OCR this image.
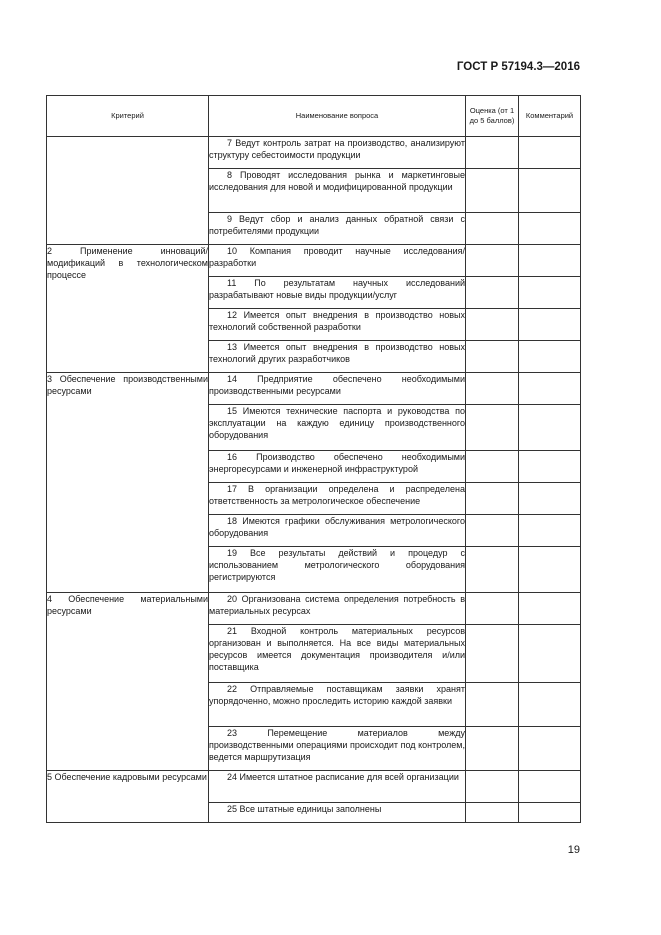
ГОСТ Р 57194.3—2016
Критерий	Наименование вопроса	Оценка (от 1 до 5 баллов)	Комментарий
	7 Ведут контроль затрат на производство, анализируют структуру себестоимости продукции		
	8 Проводят исследования рынка и маркетинговые исследования для новой и модифицированной продукции		
	9 Ведут сбор и анализ данных обратной связи с потребителями продукции		
2 Применение инноваций/модификаций в технологическом процессе	10 Компания проводит научные исследования/разработки		
	11 По результатам научных исследований разрабатывают новые виды продукции/услуг		
	12 Имеется опыт внедрения в производство новых технологий собственной разработки		
	13 Имеется опыт внедрения в производство новых технологий других разработчиков		
3 Обеспечение производственными ресурсами	14 Предприятие обеспечено необходимыми производственными ресурсами		
	15 Имеются технические паспорта и руководства по эксплуатации на каждую единицу производственного оборудования		
	16 Производство обеспечено необходимыми энергоресурсами и инженерной инфраструктурой		
	17 В организации определена и распределена ответственность за метрологическое обеспечение		
	18 Имеются графики обслуживания метрологического оборудования		
	19 Все результаты действий и процедур с использованием метрологического оборудования регистрируются		
4 Обеспечение материальными ресурсами	20 Организована система определения потребность в материальных ресурсах		
	21 Входной контроль материальных ресурсов организован и выполняется. На все виды материальных ресурсов имеется документация производителя и/или поставщика		
	22 Отправляемые поставщикам заявки хранят упорядоченно, можно проследить историю каждой заявки		
	23 Перемещение материалов между производственными операциями происходит под контролем, ведется маршрутизация		
5 Обеспечение кадровыми ресурсами	24 Имеется штатное расписание для всей организации		
	25 Все штатные единицы заполнены		
19
